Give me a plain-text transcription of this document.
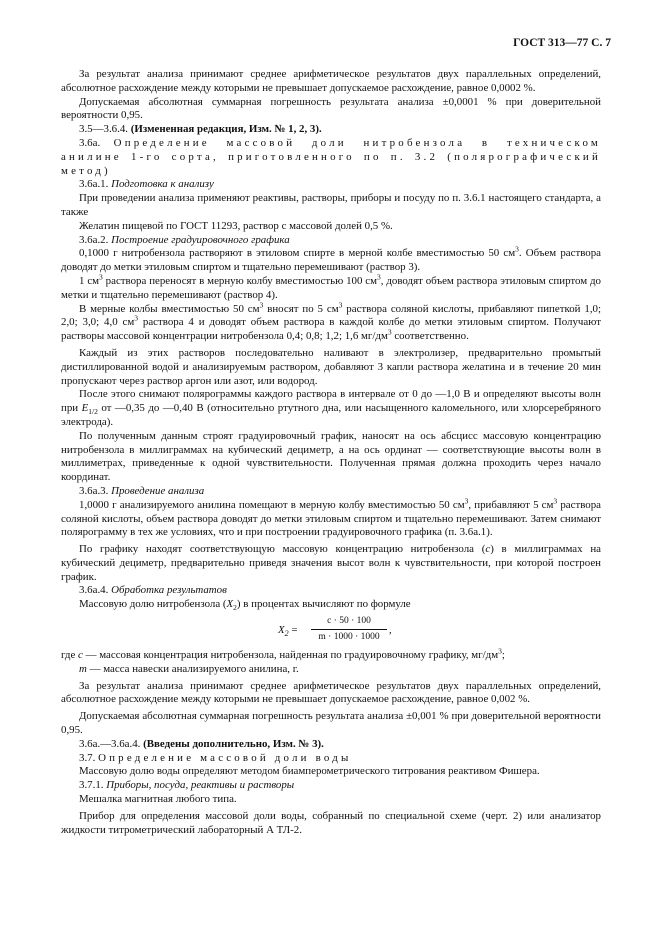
ГОСТ 313—77 С. 7

За результат анализа принимают среднее арифметическое результатов двух параллельных определений, абсолютное расхождение между которыми не превышает допускаемое расхождение, равное 0,0002 %.

Допускаемая абсолютная суммарная погрешность результата анализа ±0,0001 % при доверительной вероятности 0,95.

3.5—3.6.4. (Измененная редакция, Изм. № 1, 2, 3).

3.6а. Определение массовой доли нитробензола в техническом анилине 1-го сорта, приготовленного по п. 3.2 (полярографический метод)

3.6а.1. Подготовка к анализу

При проведении анализа применяют реактивы, растворы, приборы и посуду по п. 3.6.1 настоящего стандарта, а также

Желатин пищевой по ГОСТ 11293, раствор с массовой долей 0,5 %.

3.6а.2. Построение градуировочного графика

0,1000 г нитробензола растворяют в этиловом спирте в мерной колбе вместимостью 50 $см^3$. Объем раствора доводят до метки этиловым спиртом и тщательно перемешивают (раствор 3).

1 $см^3$ раствора переносят в мерную колбу вместимостью 100 $см^3$, доводят объем раствора этиловым спиртом до метки и тщательно перемешивают (раствор 4).

В мерные колбы вместимостью 50 $см^3$ вносят по 5 $см^3$ раствора соляной кислоты, прибавляют пипеткой 1,0; 2,0; 3,0; 4,0 $см^3$ раствора 4 и доводят объем раствора в каждой колбе до метки этиловым спиртом. Получают растворы массовой концентрации нитробензола 0,4; 0,8; 1,2; 1,6 $мг/дм^3$ соответственно.

Каждый из этих растворов последовательно наливают в электролизер, предварительно промытый дистиллированной водой и анализируемым раствором, добавляют 3 капли раствора желатина и в течение 20 мин пропускают через раствор аргон или азот, или водород.

После этого снимают полярограммы каждого раствора в интервале от 0 до —1,0 В и определяют высоты волн при $E_{1/2}$ от —0,35 до —0,40 В (относительно ртутного дна, или насыщенного каломельного, или хлорсеребряного электрода).

По полученным данным строят градуировочный график, наносят на ось абсцисс массовую концентрацию нитробензола в миллиграммах на кубический дециметр, а на ось ординат — соответствующие высоты волн в миллиметрах, приведенные к одной чувствительности. Полученная прямая должна проходить через начало координат.

3.6а.3. Проведение анализа

1,0000 г анализируемого анилина помещают в мерную колбу вместимостью 50 $см^3$, прибавляют 5 $см^3$ раствора соляной кислоты, объем раствора доводят до метки этиловым спиртом и тщательно перемешивают. Затем снимают полярограмму в тех же условиях, что и при построении градуировочного графика (п. 3.6а.1).

По графику находят соответствующую массовую концентрацию нитробензола (с) в миллиграммах на кубический дециметр, предварительно приведя значения высот волн к чувствительности, при которой построен график.

3.6а.4. Обработка результатов

Массовую долю нитробензола $(X_2)$ в процентах вычисляют по формуле

$X_2 = \frac{c \cdot 50 \cdot 100}{m \cdot 1000 \cdot 1000}$ ,

где с — массовая концентрация нитробензола, найденная по градуировочному графику, $мг/дм^3$;

m — масса навески анализируемого анилина, г.

За результат анализа принимают среднее арифметическое результатов двух параллельных определений, абсолютное расхождение между которыми не превышает допускаемое расхождение, равное 0,002 %.

Допускаемая абсолютная суммарная погрешность результата анализа ±0,001 % при доверительной вероятности 0,95.

3.6а.—3.6а.4. (Введены дополнительно, Изм. № 3).

3.7. Определение массовой доли воды

Массовую долю воды определяют методом биамперометрического титрования реактивом Фишера.

3.7.1. Приборы, посуда, реактивы и растворы

Мешалка магнитная любого типа.

Прибор для определения массовой доли воды, собранный по специальной схеме (черт. 2) или анализатор жидкости титрометрический лабораторный А ТЛ-2.
